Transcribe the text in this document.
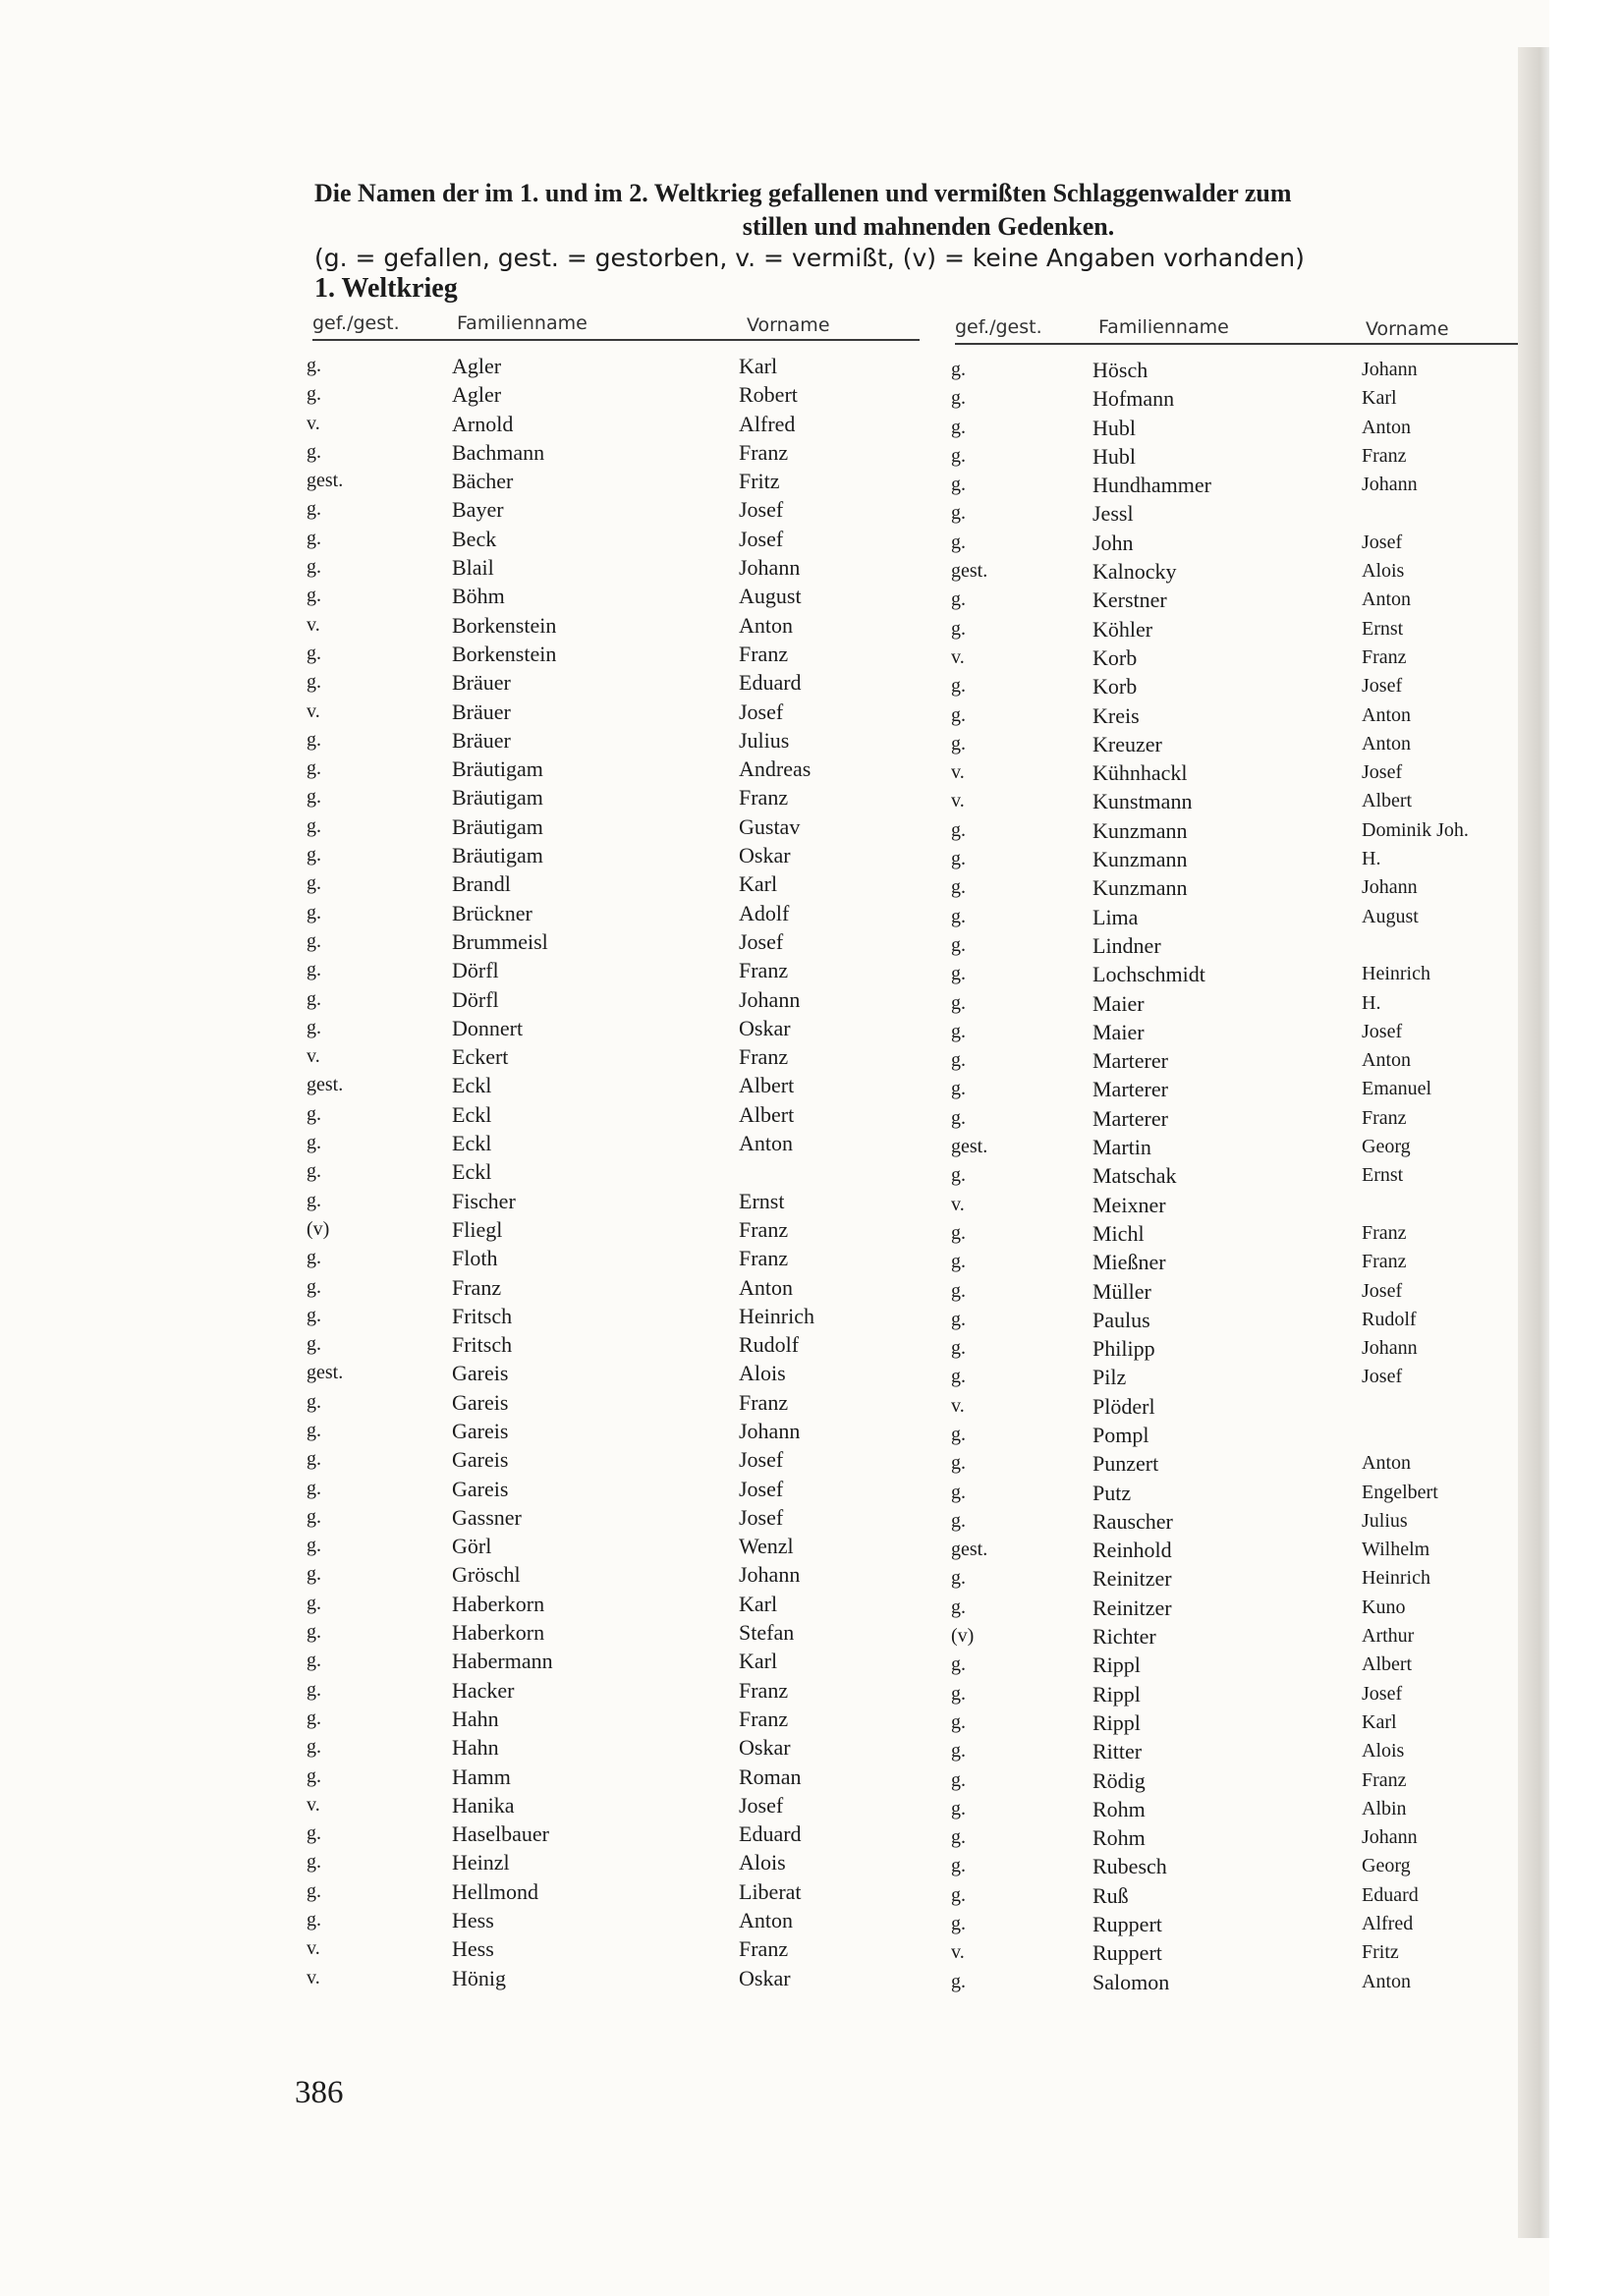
Die Namen der im 1. und im 2. Weltkrieg gefallenen und vermißten Schlaggenwalder zum
stillen und mahnenden Gedenken.
(g. = gefallen, gest. = gestorben, v. = vermißt, (v) = keine Angaben vorhanden)
1. Weltkrieg
gef./gest.	Familienname	Vorname
g.	Agler	Karl
g.	Agler	Robert
v.	Arnold	Alfred
g.	Bachmann	Franz
gest.	Bächer	Fritz
g.	Bayer	Josef
g.	Beck	Josef
g.	Blail	Johann
g.	Böhm	August
v.	Borkenstein	Anton
g.	Borkenstein	Franz
g.	Bräuer	Eduard
v.	Bräuer	Josef
g.	Bräuer	Julius
g.	Bräutigam	Andreas
g.	Bräutigam	Franz
g.	Bräutigam	Gustav
g.	Bräutigam	Oskar
g.	Brandl	Karl
g.	Brückner	Adolf
g.	Brummeisl	Josef
g.	Dörfl	Franz
g.	Dörfl	Johann
g.	Donnert	Oskar
v.	Eckert	Franz
gest.	Eckl	Albert
g.	Eckl	Albert
g.	Eckl	Anton
g.	Eckl
g.	Fischer	Ernst
(v)	Fliegl	Franz
g.	Floth	Franz
g.	Franz	Anton
g.	Fritsch	Heinrich
g.	Fritsch	Rudolf
gest.	Gareis	Alois
g.	Gareis	Franz
g.	Gareis	Johann
g.	Gareis	Josef
g.	Gareis	Josef
g.	Gassner	Josef
g.	Görl	Wenzl
g.	Gröschl	Johann
g.	Haberkorn	Karl
g.	Haberkorn	Stefan
g.	Habermann	Karl
g.	Hacker	Franz
g.	Hahn	Franz
g.	Hahn	Oskar
g.	Hamm	Roman
v.	Hanika	Josef
g.	Haselbauer	Eduard
g.	Heinzl	Alois
g.	Hellmond	Liberat
g.	Hess	Anton
v.	Hess	Franz
v.	Hönig	Oskar
gef./gest.	Familienname	Vorname
g.	Hösch	Johann
g.	Hofmann	Karl
g.	Hubl	Anton
g.	Hubl	Franz
g.	Hundhammer	Johann
g.	Jessl
g.	John	Josef
gest.	Kalnocky	Alois
g.	Kerstner	Anton
g.	Köhler	Ernst
v.	Korb	Franz
g.	Korb	Josef
g.	Kreis	Anton
g.	Kreuzer	Anton
v.	Kühnhackl	Josef
v.	Kunstmann	Albert
g.	Kunzmann	Dominik Joh.
g.	Kunzmann	H.
g.	Kunzmann	Johann
g.	Lima	August
g.	Lindner
g.	Lochschmidt	Heinrich
g.	Maier	H.
g.	Maier	Josef
g.	Marterer	Anton
g.	Marterer	Emanuel
g.	Marterer	Franz
gest.	Martin	Georg
g.	Matschak	Ernst
v.	Meixner
g.	Michl	Franz
g.	Mießner	Franz
g.	Müller	Josef
g.	Paulus	Rudolf
g.	Philipp	Johann
g.	Pilz	Josef
v.	Plöderl
g.	Pompl
g.	Punzert	Anton
g.	Putz	Engelbert
g.	Rauscher	Julius
gest.	Reinhold	Wilhelm
g.	Reinitzer	Heinrich
g.	Reinitzer	Kuno
(v)	Richter	Arthur
g.	Rippl	Albert
g.	Rippl	Josef
g.	Rippl	Karl
g.	Ritter	Alois
g.	Rödig	Franz
g.	Rohm	Albin
g.	Rohm	Johann
g.	Rubesch	Georg
g.	Ruß	Eduard
g.	Ruppert	Alfred
v.	Ruppert	Fritz
g.	Salomon	Anton
386
